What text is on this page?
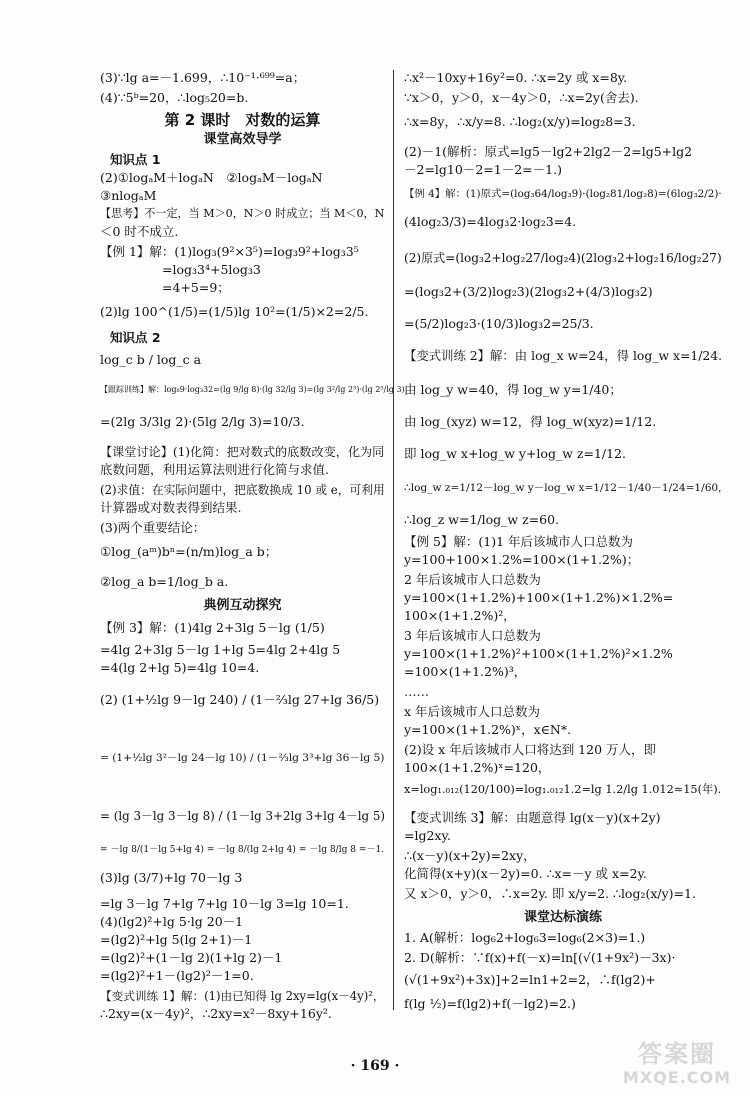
(3)∵lg a=－1.699，∴10⁻¹·⁶⁹⁹=a；
(4)∵5ᵇ=20，∴log₅20=b.
第 2 课时　对数的运算
课堂高效导学
知识点 1
(2)①logₐM＋logₐN　②logₐM－logₐN
③nlogₐM
【思考】不一定，当 M＞0，N＞0 时成立；当 M＜0，N
＜0 时不成立.
【例 1】解：(1)log₃(9²×3⁵)=log₃9²+log₃3⁵
=log₃3⁴+5log₃3
=4+5=9；
(2)lg 100^(1/5)=(1/5)lg 10²=(1/5)×2=2/5.
知识点 2
log_c b / log_c a
【跟踪训练】解：log₈9·log₃32=(lg 9/lg 8)·(lg 32/lg 3)=(lg 3²/lg 2³)·(lg 2⁵/lg 3)
=(2lg 3/3lg 2)·(5lg 2/lg 3)=10/3.
【课堂讨论】(1)化简：把对数式的底数改变，化为同
底数问题，利用运算法则进行化简与求值.
(2)求值：在实际问题中，把底数换成 10 或 e，可利用
计算器或对数表得到结果.
(3)两个重要结论：
①log_(aᵐ)bⁿ=(n/m)log_a b；
②log_a b=1/log_b a.
典例互动探究
【例 3】解：(1)4lg 2+3lg 5－lg (1/5)
=4lg 2+3lg 5－lg 1+lg 5=4lg 2+4lg 5
=4(lg 2+lg 5)=4lg 10=4.
(2) (1+½lg 9－lg 240) / (1－⅔lg 27+lg 36/5)
= (1+½lg 3²－lg 24－lg 10) / (1－⅔lg 3³+lg 36－lg 5)
= (lg 3－lg 3－lg 8) / (1－lg 3+2lg 3+lg 4－lg 5)
= －lg 8/(1－lg 5+lg 4) = －lg 8/(lg 2+lg 4) = －lg 8/lg 8 =－1.
(3)lg (3/7)+lg 70－lg 3
=lg 3－lg 7+lg 7+lg 10－lg 3=lg 10=1.
(4)(lg2)²+lg 5·lg 20－1
=(lg2)²+lg 5(lg 2+1)－1
=(lg2)²+(1－lg 2)(1+lg 2)－1
=(lg2)²+1－(lg2)²－1=0.
【变式训练 1】解：(1)由已知得 lg 2xy=lg(x－4y)²，
∴2xy=(x－4y)²，∴2xy=x²－8xy+16y².
∴x²－10xy+16y²=0. ∴x=2y 或 x=8y.
∵x＞0，y＞0，x－4y＞0，∴x=2y(舍去).
∴x=8y，∴x/y=8. ∴log₂(x/y)=log₂8=3.
(2)－1(解析：原式=lg5－lg2+2lg2－2=lg5+lg2
－2=lg10－2=1－2=－1.)
【例 4】解：(1)原式=(log₃64/log₃9)·(log₂81/log₂8)=(6log₃2/2)·
(4log₂3/3)=4log₃2·log₂3=4.
(2)原式=(log₃2+log₂27/log₂4)(2log₃2+log₂16/log₂27)
=(log₃2+(3/2)log₂3)(2log₃2+(4/3)log₃2)
=(5/2)log₂3·(10/3)log₃2=25/3.
【变式训练 2】解：由 log_x w=24，得 log_w x=1/24.
由 log_y w=40，得 log_w y=1/40；
由 log_(xyz) w=12，得 log_w(xyz)=1/12.
即 log_w x+log_w y+log_w z=1/12.
∴log_w z=1/12－log_w y－log_w x=1/12－1/40－1/24=1/60,
∴log_z w=1/log_w z=60.
【例 5】解：(1)1 年后该城市人口总数为
y=100+100×1.2%=100×(1+1.2%)；
2 年后该城市人口总数为
y=100×(1+1.2%)+100×(1+1.2%)×1.2%=
100×(1+1.2%)²，
3 年后该城市人口总数为
y=100×(1+1.2%)²+100×(1+1.2%)²×1.2%
=100×(1+1.2%)³，
……
x 年后该城市人口总数为
y=100×(1+1.2%)ˣ，x∈N*.
(2)设 x 年后该城市人口将达到 120 万人，即
100×(1+1.2%)ˣ=120，
x=log₁.₀₁₂(120/100)=log₁.₀₁₂1.2=lg 1.2/lg 1.012≈15(年).
【变式训练 3】解：由题意得 lg(x－y)(x+2y)
=lg2xy.
∴(x－y)(x+2y)=2xy，
化简得(x+y)(x－2y)=0. ∴x=－y 或 x=2y.
又 x＞0，y＞0，∴x=2y. 即 x/y=2. ∴log₂(x/y)=1.
课堂达标演练
1. A(解析：log₆2+log₆3=log₆(2×3)=1.)
2. D(解析：∵f(x)+f(－x)=ln[(√(1+9x²)－3x)·
(√(1+9x²)+3x)]+2=ln1+2=2，∴f(lg2)+
f(lg ½)=f(lg2)+f(－lg2)=2.)
· 169 ·	答案圈
MXQE.COM
